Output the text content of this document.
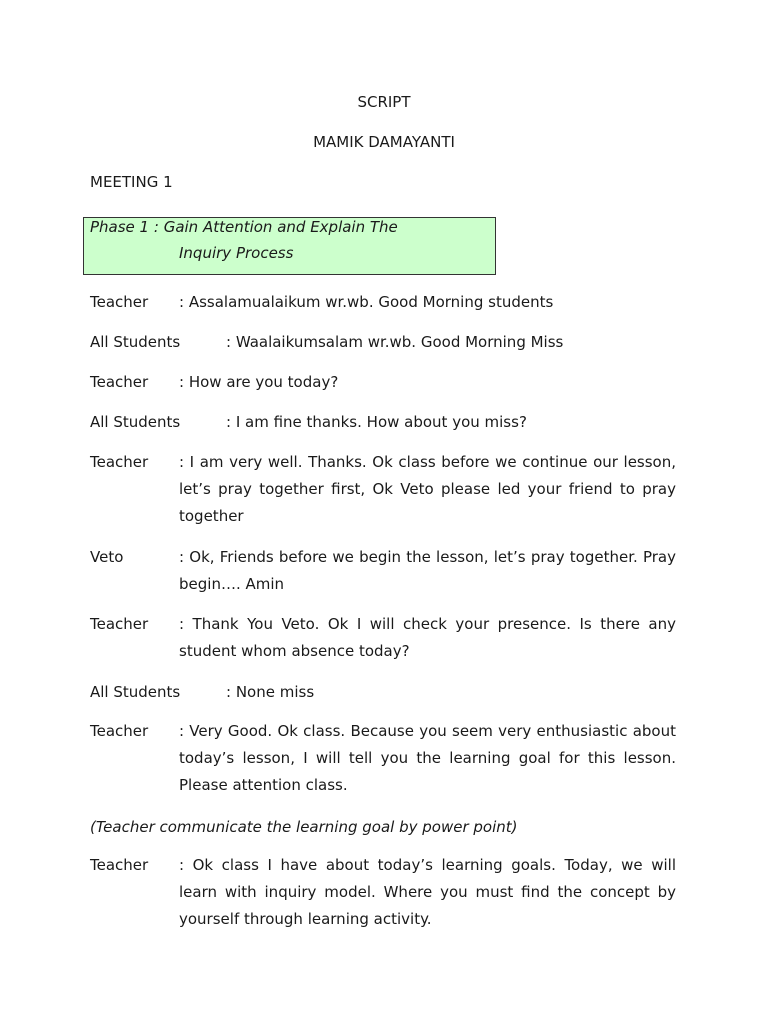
SCRIPT
MAMIK DAMAYANTI
MEETING 1
Phase 1 : Gain Attention and Explain The
Inquiry Process
Teacher : Assalamualaikum wr.wb. Good Morning students
All Students	: Waalaikumsalam wr.wb. Good Morning Miss
Teacher : How are you today?
All Students	: I am fine thanks. How about you miss?
Teacher : I am very well. Thanks. Ok class before we continue our lesson, let’s pray together first, Ok Veto please led your friend to pray together
Veto	: Ok, Friends before we begin the lesson, let’s pray together. Pray begin…. Amin
Teacher : Thank You Veto. Ok I will check your presence. Is there any student whom absence today?
All Students	: None miss
Teacher : Very Good. Ok class. Because you seem very enthusiastic about today’s lesson, I will tell you the learning goal for this lesson. Please attention class.
(Teacher communicate the learning goal by power point)
Teacher : Ok class I have about today’s learning goals. Today, we will learn with inquiry model. Where you must find the concept by yourself through learning activity.
